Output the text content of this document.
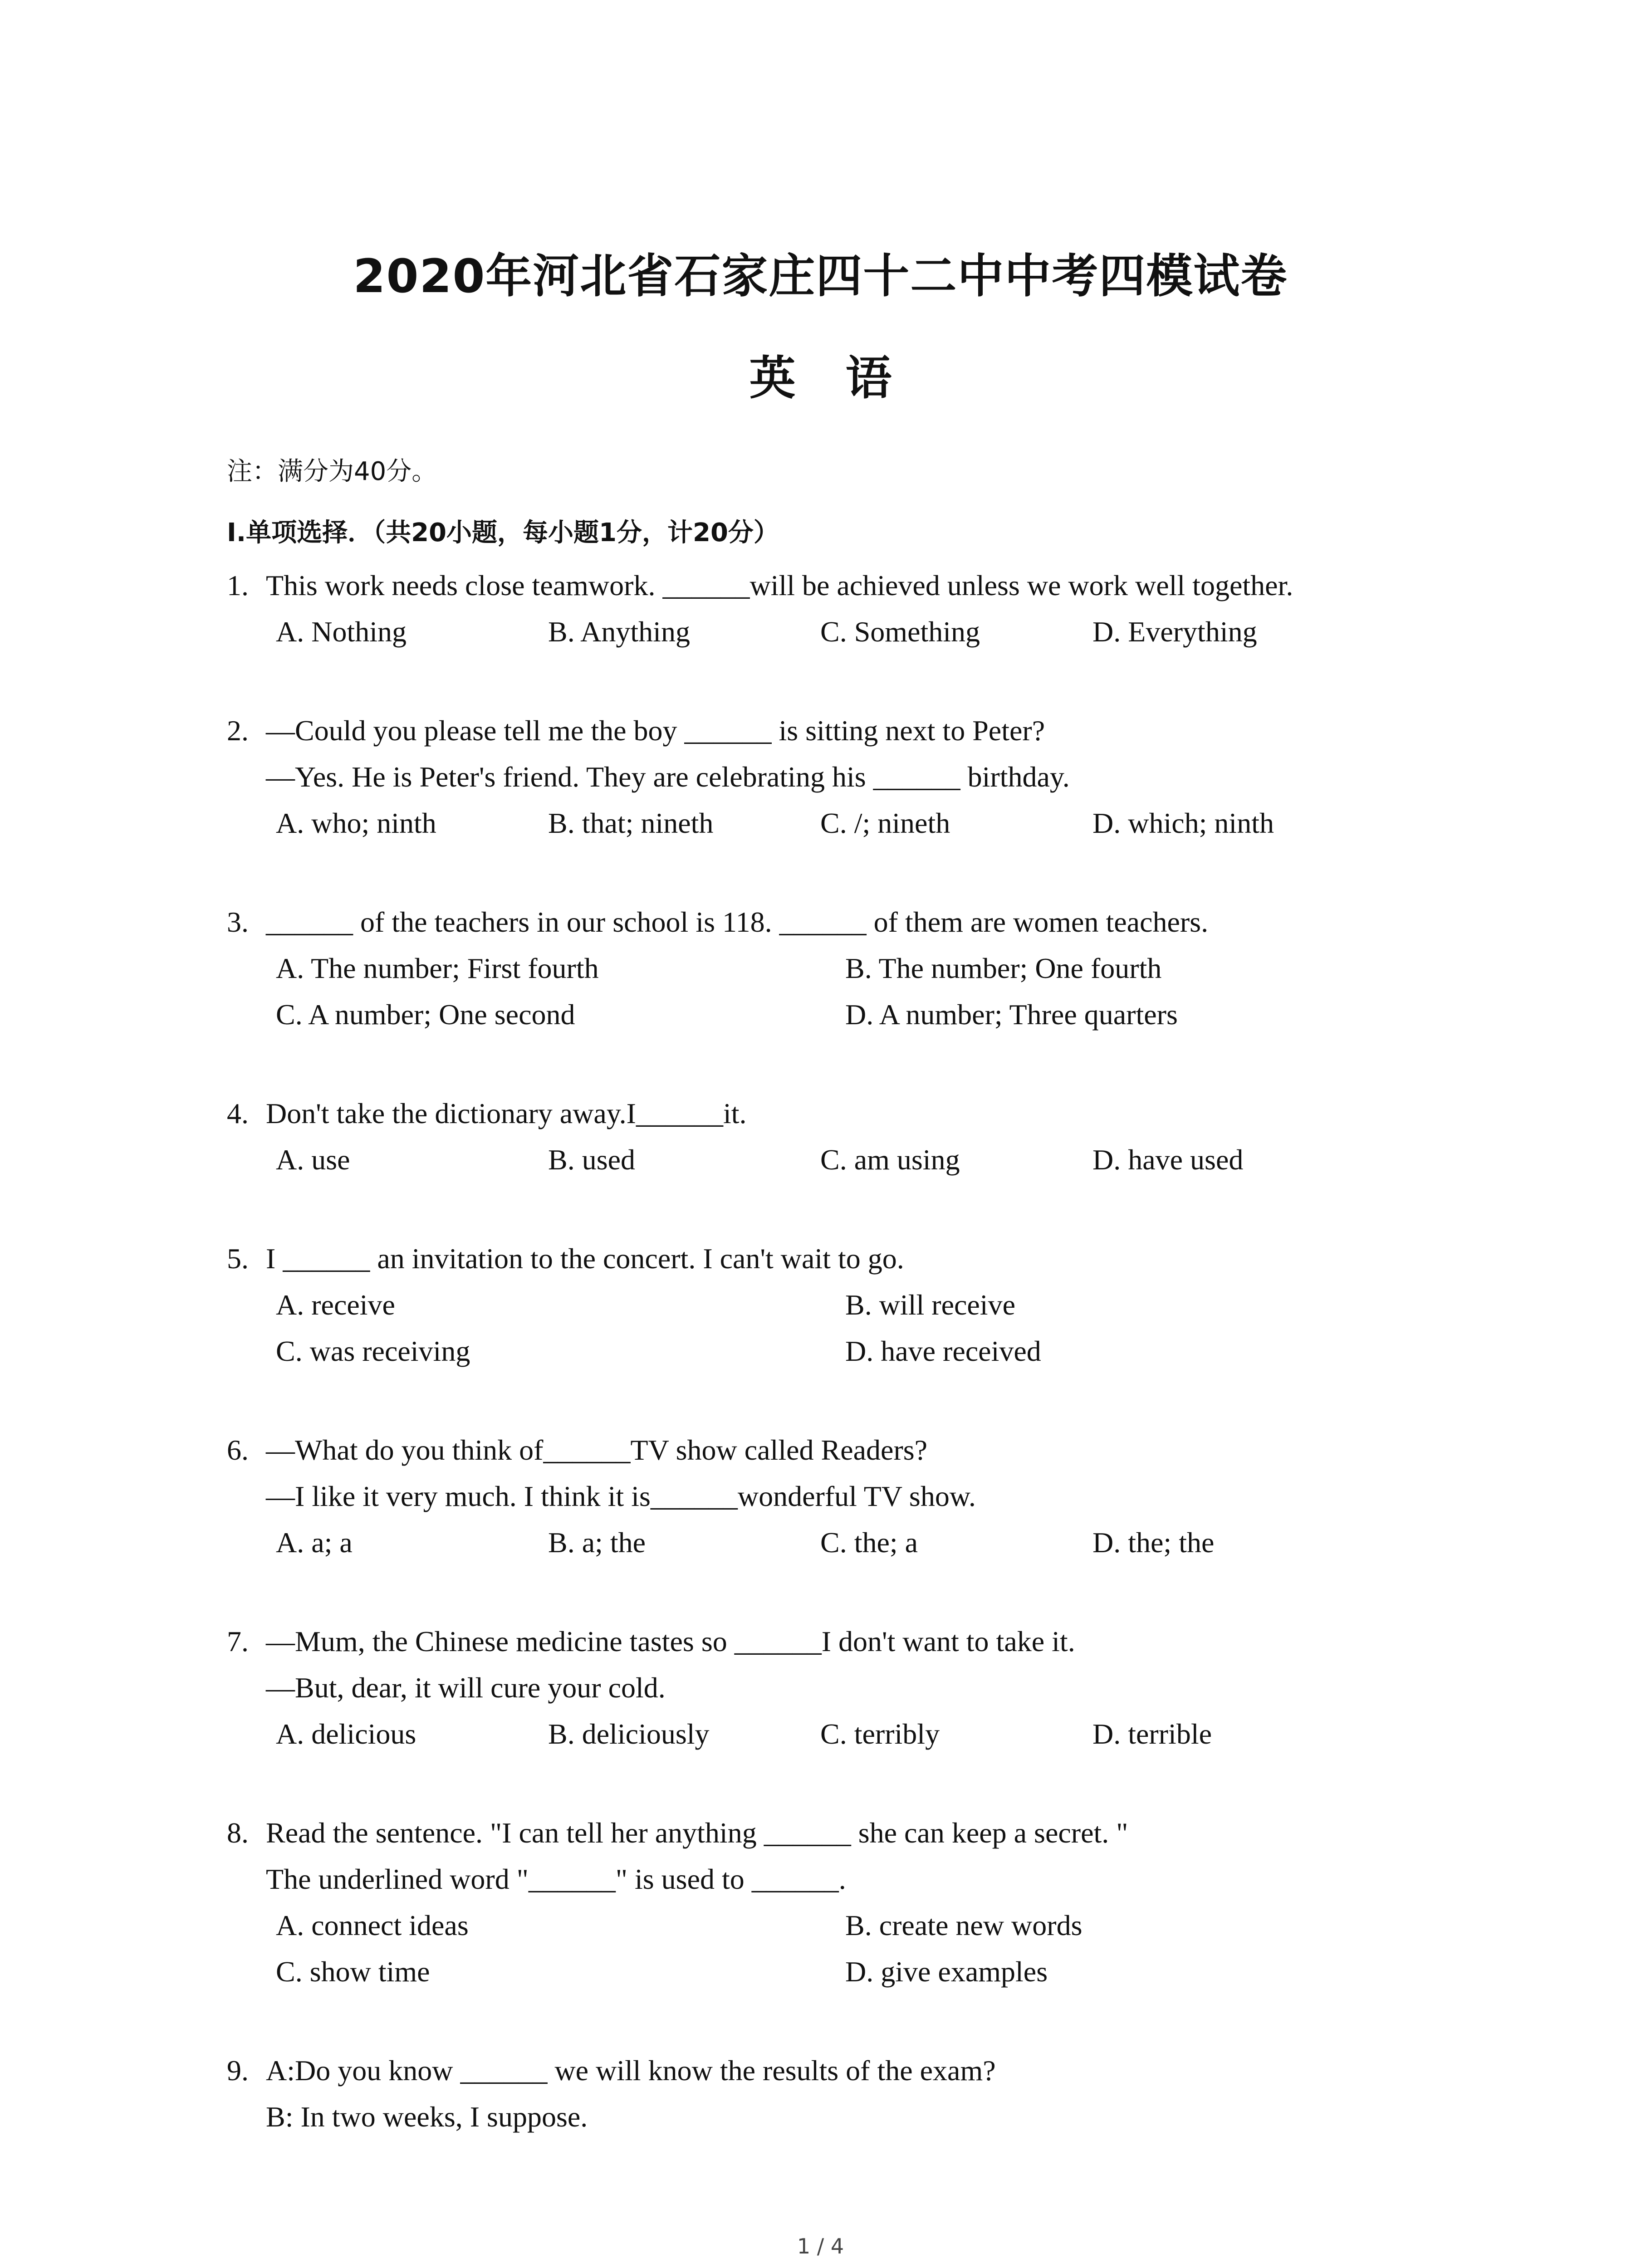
2020年河北省石家庄四十二中中考四模试卷
英语
注：满分为40分。
I.单项选择．（共20小题，每小题1分，计20分）
1. This work needs close teamwork. ______will be achieved unless we work well together.
A. Nothing	B. Anything	C. Something	D. Everything
2. —Could you please tell me the boy ______ is sitting next to Peter?
—Yes. He is Peter's friend. They are celebrating his ______ birthday.
A. who; ninth	B. that; nineth	C. /; nineth	D. which; ninth
3. ______ of the teachers in our school is 118. ______ of them are women teachers.
A. The number; First fourth	B. The number; One fourth
C. A number; One second	D. A number; Three quarters
4. Don't take the dictionary away.I______it.
A. use	B. used	C. am using	D. have used
5. I ______ an invitation to the concert. I can't wait to go.
A. receive	B. will receive
C. was receiving	D. have received
6. —What do you think of______TV show called Readers?
—I like it very much. I think it is______wonderful TV show.
A. a; a	B. a; the	C. the; a	D. the; the
7. —Mum, the Chinese medicine tastes so ______I don't want to take it.
—But, dear, it will cure your cold.
A. delicious	B. deliciously	C. terribly	D. terrible
8. Read the sentence. "I can tell her anything ______ she can keep a secret. "
The underlined word "______" is used to ______.
A. connect ideas	B. create new words
C. show time	D. give examples
9. A:Do you know ______ we will know the results of the exam?
B: In two weeks, I suppose.
1 / 4
